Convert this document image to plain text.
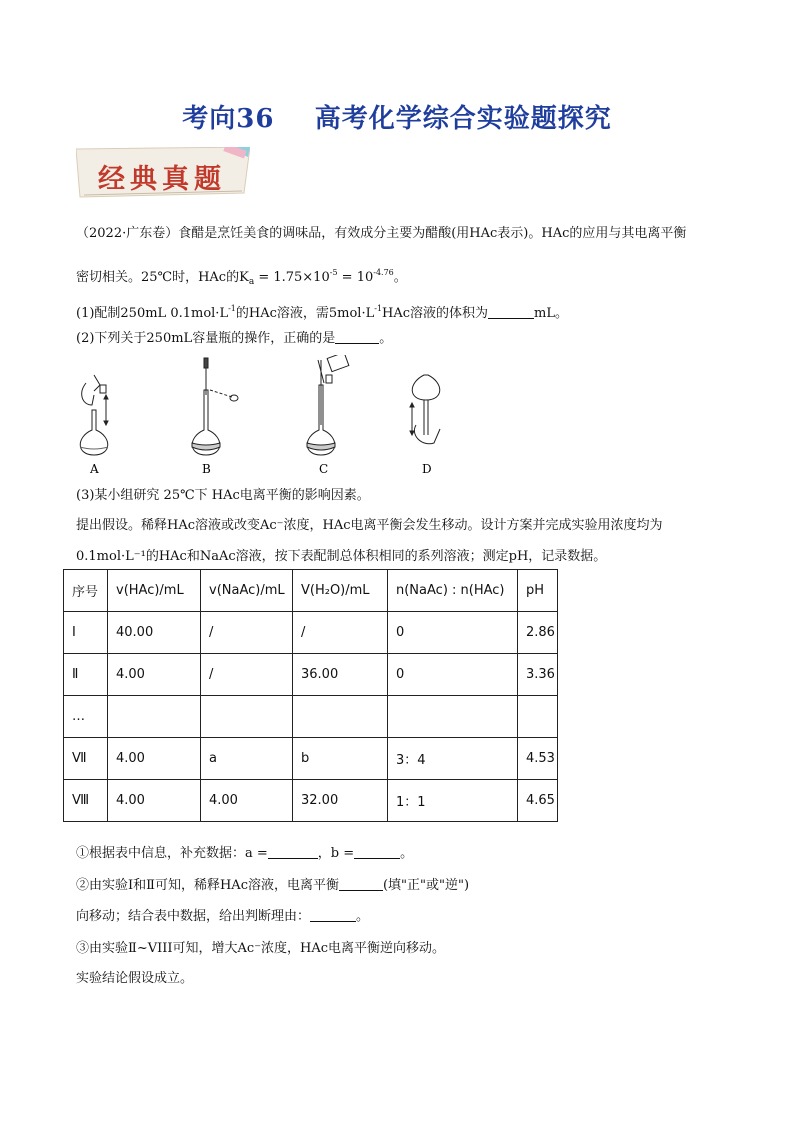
考向36 高考化学综合实验题探究
经典真题
（2022·广东卷）食醋是烹饪美食的调味品，有效成分主要为醋酸(用HAc表示)。HAc的应用与其电离平衡
密切相关。25℃时，HAc的$K_a = 1.75\times 10^{-5} = 10^{-4.76}$。
(1)配制250mL $0.1mol\cdot L^{-1}$的HAc溶液，需$5mol\cdot L^{-1}HAc$溶液的体积为	mL。
(2)下列关于250mL容量瓶的操作，正确的是	。
A	B	C	D
(3)某小组研究 25℃下 HAc电离平衡的影响因素。
提出假设。稀释HAc溶液或改变Ac⁻浓度，HAc电离平衡会发生移动。设计方案并完成实验用浓度均为
0.1mol·L⁻¹的HAc和NaAc溶液，按下表配制总体积相同的系列溶液；测定pH，记录数据。
序号	v(HAc)/mL	v(NaAc)/mL	V(H₂O)/mL	n(NaAc) : n(HAc)	pH
Ⅰ	40.00	/	/	0	2.86
Ⅱ	4.00	/	36.00	0	3.36
…					
Ⅶ	4.00	a	b	3：4	4.53
Ⅷ	4.00	4.00	32.00	1：1	4.65
①根据表中信息，补充数据：a =	，b =	。
②由实验Ⅰ和Ⅱ可知，稀释HAc溶液，电离平衡	(填"正"或"逆")
向移动；结合表中数据，给出判断理由：	。
③由实验Ⅱ~VIII可知，增大Ac⁻浓度，HAc电离平衡逆向移动。
实验结论假设成立。
